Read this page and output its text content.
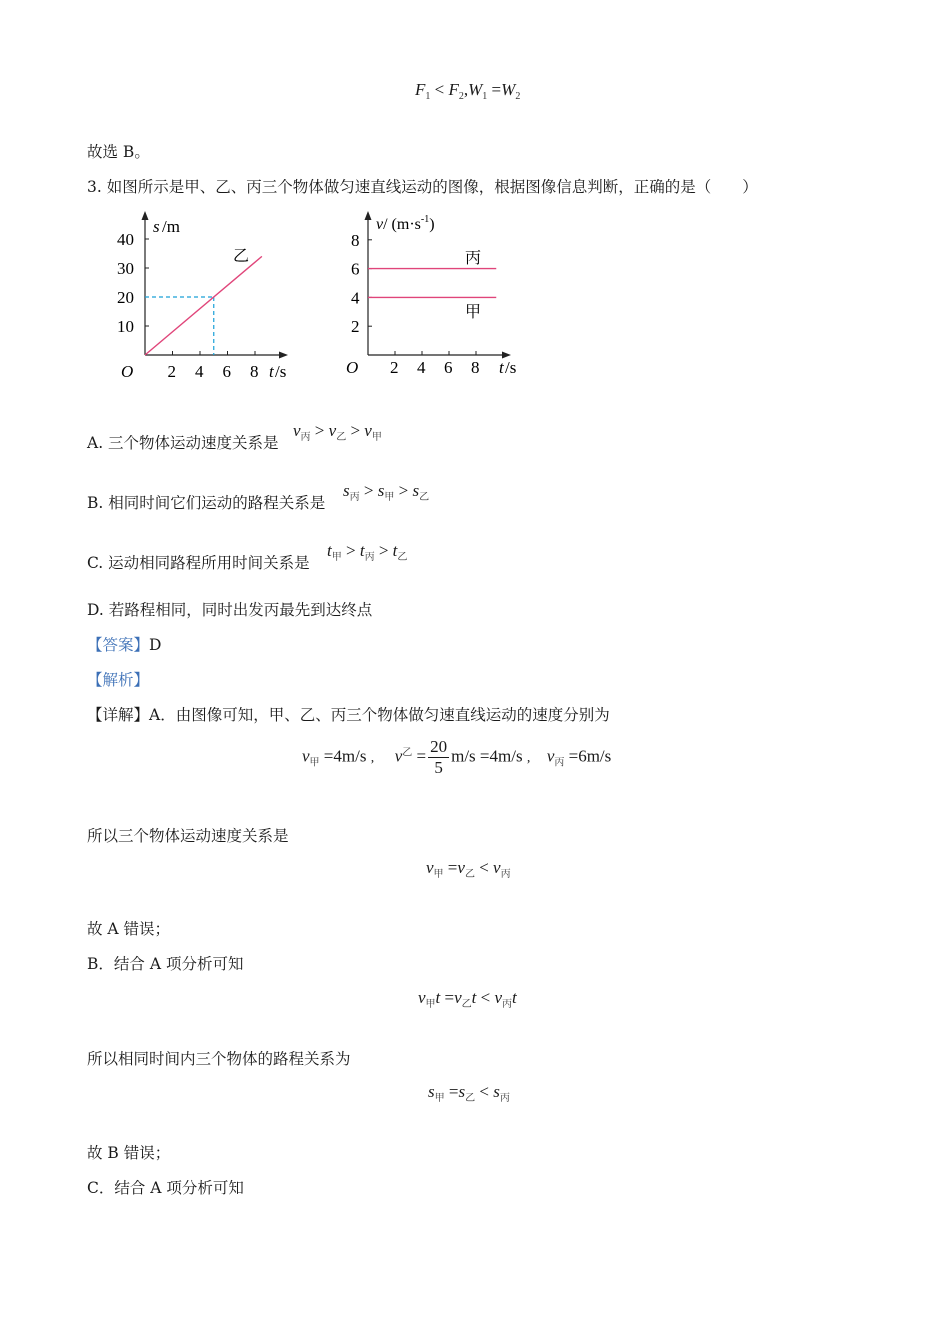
$F_1 < F_2,W_1 =W_2$
故选 B。
3. 如图所示是甲、乙、丙三个物体做匀速直线运动的图像，根据图像信息判断，正确的是（　　）
2 4 6 8
10
20
30
40
s /m
O	t /s
乙
2 4 6 8
2
4
6
8
v/ $(m\cdot s^{-1})$
O	t /s
丙
甲
A. 三个物体运动速度关系是
$v_丙 > v_乙 > v_甲$
B. 相同时间它们运动的路程关系是
$s_丙 > s_甲 > s_乙$
C. 运动相同路程所用时间关系是
$t_甲 > t_丙 > t_乙$
D. 若路程相同，同时出发丙最先到达终点
【答案】D
【解析】
【详解】A．由图像可知，甲、乙、丙三个物体做匀速直线运动的速度分别为
$v_甲 =4m/s$ , $v^乙 = \frac{20}{5} m/s =4m/s$ , $v_丙 =6m/s$
所以三个物体运动速度关系是
$v_甲 =v_乙 < v_丙$
故 A 错误；
B．结合 A 项分析可知
$v_甲t =v_乙t < v_丙t$
所以相同时间内三个物体的路程关系为
$s_甲 =s_乙 < s_丙$
故 B 错误；
C．结合 A 项分析可知
